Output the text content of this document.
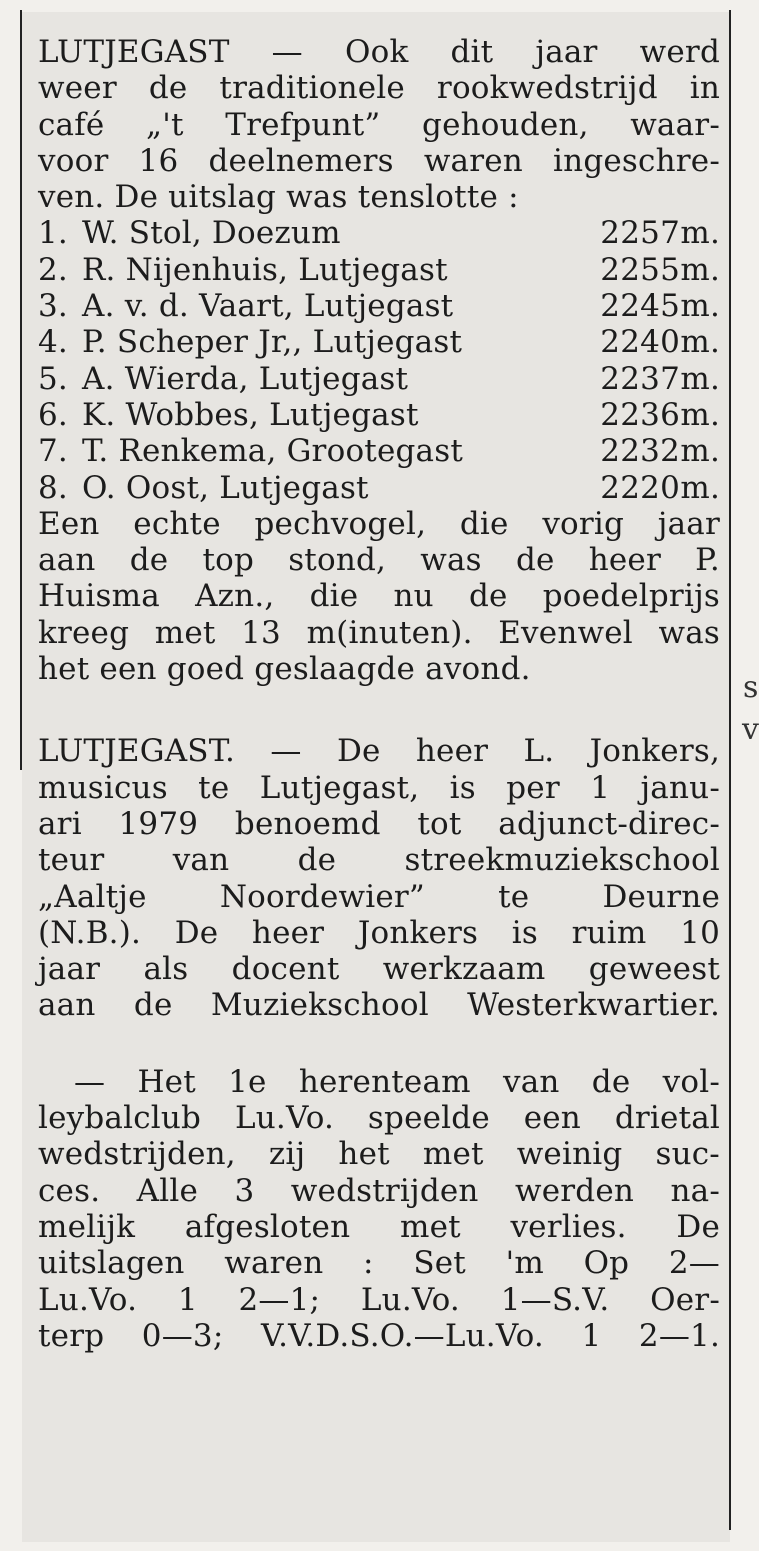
s
v
LUTJEGAST — Ook dit jaar werd
weer de traditionele rookwedstrijd in
café „'t Trefpunt” gehouden, waar-
voor 16 deelnemers waren ingeschre-
ven. De uitslag was tenslotte :
1. W. Stol, Doezum	2257 m.
2. R. Nijenhuis, Lutjegast	2255 m.
3. A. v. d. Vaart, Lutjegast	2245 m.
4. P. Scheper Jr,, Lutjegast	2240 m.
5. A. Wierda, Lutjegast	2237 m.
6. K. Wobbes, Lutjegast	2236 m.
7. T. Renkema, Grootegast	2232 m.
8. O. Oost, Lutjegast	2220 m.
Een echte pechvogel, die vorig jaar
aan de top stond, was de heer P.
Huisma Azn., die nu de poedelprijs
kreeg met 13 m(inuten). Evenwel was
het een goed geslaagde avond.
LUTJEGAST. — De heer L. Jonkers,
musicus te Lutjegast, is per 1 janu-
ari 1979 benoemd tot adjunct-direc-
teur van de streekmuziekschool
„Aaltje Noordewier” te Deurne
(N.B.). De heer Jonkers is ruim 10
jaar als docent werkzaam geweest
aan de Muziekschool Westerkwartier.
— Het 1e herenteam van de vol-
leybalclub Lu.Vo. speelde een drietal
wedstrijden, zij het met weinig suc-
ces. Alle 3 wedstrijden werden na-
melijk afgesloten met verlies. De
uitslagen waren : Set 'm Op 2—
Lu.Vo. 1 2—1; Lu.Vo. 1—S.V. Oer-
terp 0—3; V.V.D.S.O.—Lu.Vo. 1 2—1.
